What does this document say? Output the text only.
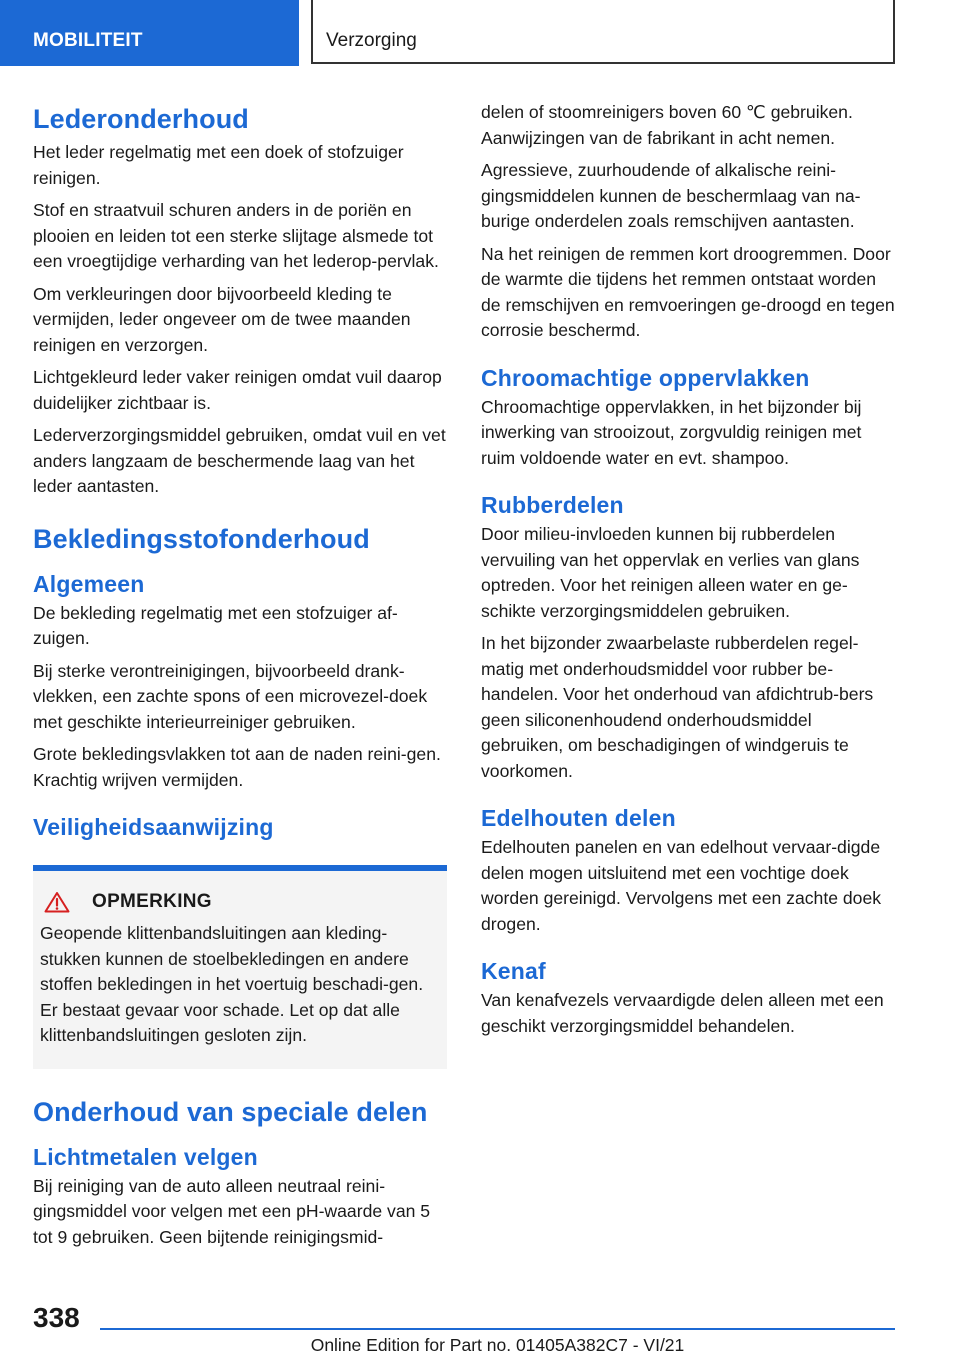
MOBILITEIT	Verzorging
Lederonderhoud

Het leder regelmatig met een doek of stofzuiger reinigen.

Stof en straatvuil schuren anders in de poriën en plooien en leiden tot een sterke slijtage alsmede tot een vroegtijdige verharding van het lederop-pervlak.

Om verkleuringen door bijvoorbeeld kleding te vermijden, leder ongeveer om de twee maanden reinigen en verzorgen.

Lichtgekleurd leder vaker reinigen omdat vuil daarop duidelijker zichtbaar is.

Lederverzorgingsmiddel gebruiken, omdat vuil en vet anders langzaam de beschermende laag van het leder aantasten.

Bekledingsstofonderhoud
Algemeen

De bekleding regelmatig met een stofzuiger af-zuigen.

Bij sterke verontreinigingen, bijvoorbeeld drank-vlekken, een zachte spons of een microvezel-doek met geschikte interieurreiniger gebruiken.

Grote bekledingsvlakken tot aan de naden reini-gen. Krachtig wrijven vermijden.

Veiligheidsaanwijzing
OPMERKING

Geopende klittenbandsluitingen aan kleding-stukken kunnen de stoelbekledingen en andere stoffen bekledingen in het voertuig beschadi-gen. Er bestaat gevaar voor schade. Let op dat alle klittenbandsluitingen gesloten zijn.

Onderhoud van speciale delen
Lichtmetalen velgen

Bij reiniging van de auto alleen neutraal reini-gingsmiddel voor velgen met een pH-waarde van 5 tot 9 gebruiken. Geen bijtende reinigingsmid-

delen of stoomreinigers boven 60 ℃ gebruiken. Aanwijzingen van de fabrikant in acht nemen.

Agressieve, zuurhoudende of alkalische reini-gingsmiddelen kunnen de beschermlaag van na-burige onderdelen zoals remschijven aantasten.

Na het reinigen de remmen kort droogremmen. Door de warmte die tijdens het remmen ontstaat worden de remschijven en remvoeringen ge-droogd en tegen corrosie beschermd.

Chroomachtige oppervlakken

Chroomachtige oppervlakken, in het bijzonder bij inwerking van strooizout, zorgvuldig reinigen met ruim voldoende water en evt. shampoo.

Rubberdelen

Door milieu-invloeden kunnen bij rubberdelen vervuiling van het oppervlak en verlies van glans optreden. Voor het reinigen alleen water en ge-schikte verzorgingsmiddelen gebruiken.

In het bijzonder zwaarbelaste rubberdelen regel-matig met onderhoudsmiddel voor rubber be-handelen. Voor het onderhoud van afdichtrub-bers geen siliconenhoudend onderhoudsmiddel gebruiken, om beschadigingen of windgeruis te voorkomen.

Edelhouten delen

Edelhouten panelen en van edelhout vervaar-digde delen mogen uitsluitend met een vochtige doek worden gereinigd. Vervolgens met een zachte doek drogen.

Kenaf

Van kenafvezels vervaardigde delen alleen met een geschikt verzorgingsmiddel behandelen.

338
Online Edition for Part no. 01405A382C7 - VI/21
